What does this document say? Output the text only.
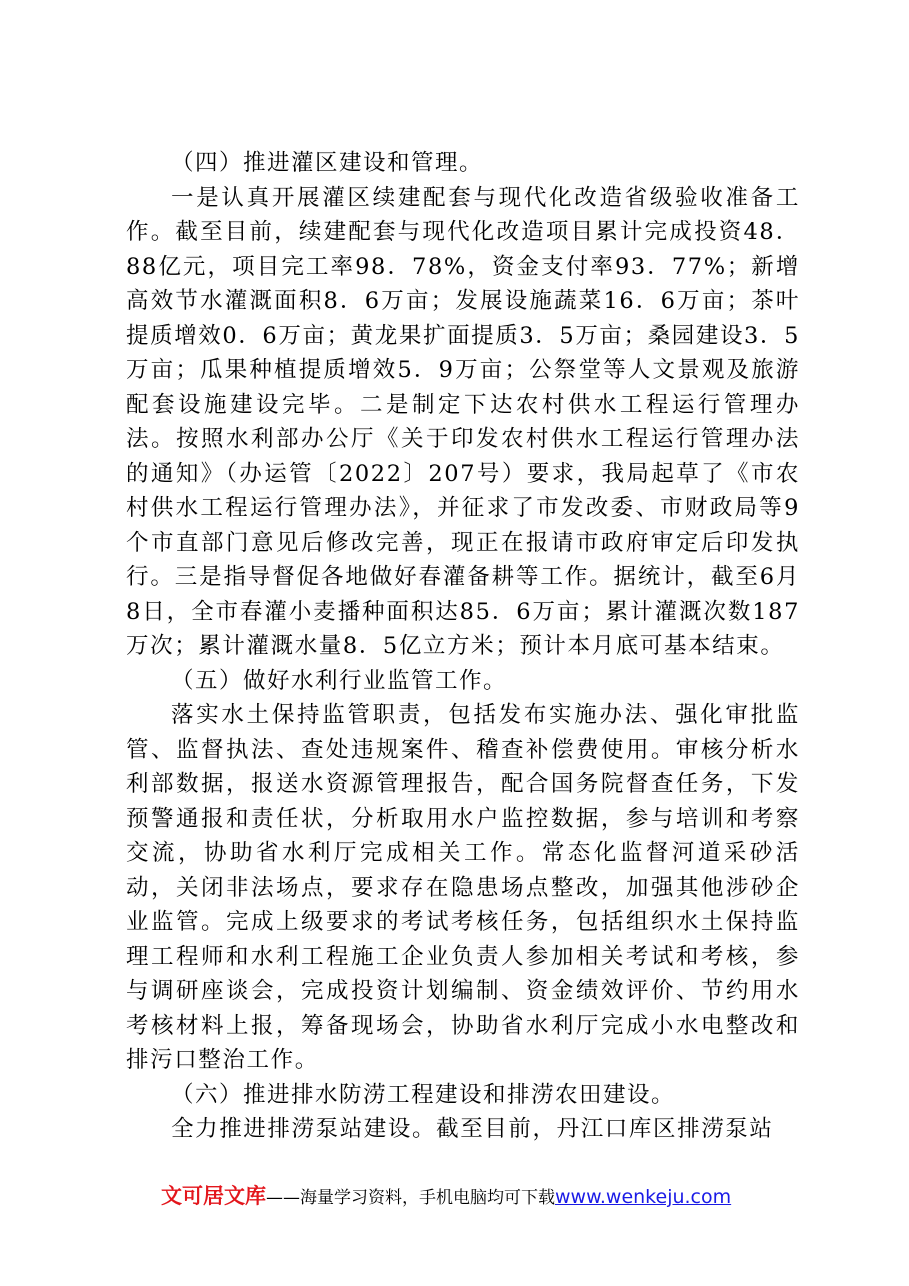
（四）推进灌区建设和管理。

一是认真开展灌区续建配套与现代化改造省级验收准备工作。截至目前，续建配套与现代化改造项目累计完成投资48．88亿元，项目完工率98．78%，资金支付率93．77%；新增高效节水灌溉面积8．6万亩；发展设施蔬菜16．6万亩；茶叶提质增效0．6万亩；黄龙果扩面提质3．5万亩；桑园建设3．5万亩；瓜果种植提质增效5．9万亩；公祭堂等人文景观及旅游配套设施建设完毕。二是制定下达农村供水工程运行管理办法。按照水利部办公厅《关于印发农村供水工程运行管理办法的通知》（办运管〔2022〕207号）要求，我局起草了《市农村供水工程运行管理办法》，并征求了市发改委、市财政局等9个市直部门意见后修改完善，现正在报请市政府审定后印发执行。三是指导督促各地做好春灌备耕等工作。据统计，截至6月8日，全市春灌小麦播种面积达85．6万亩；累计灌溉次数187万次；累计灌溉水量8．5亿立方米；预计本月底可基本结束。

（五）做好水利行业监管工作。

落实水土保持监管职责，包括发布实施办法、强化审批监管、监督执法、查处违规案件、稽查补偿费使用。审核分析水利部数据，报送水资源管理报告，配合国务院督查任务，下发预警通报和责任状，分析取用水户监控数据，参与培训和考察交流，协助省水利厅完成相关工作。常态化监督河道采砂活动，关闭非法场点，要求存在隐患场点整改，加强其他涉砂企业监管。完成上级要求的考试考核任务，包括组织水土保持监理工程师和水利工程施工企业负责人参加相关考试和考核，参与调研座谈会，完成投资计划编制、资金绩效评价、节约用水考核材料上报，筹备现场会，协助省水利厅完成小水电整改和排污口整治工作。

（六）推进排水防涝工程建设和排涝农田建设。

全力推进排涝泵站建设。截至目前，丹江口库区排涝泵站

文可居文库——海量学习资料，手机电脑均可下载www.wenkeju.com
